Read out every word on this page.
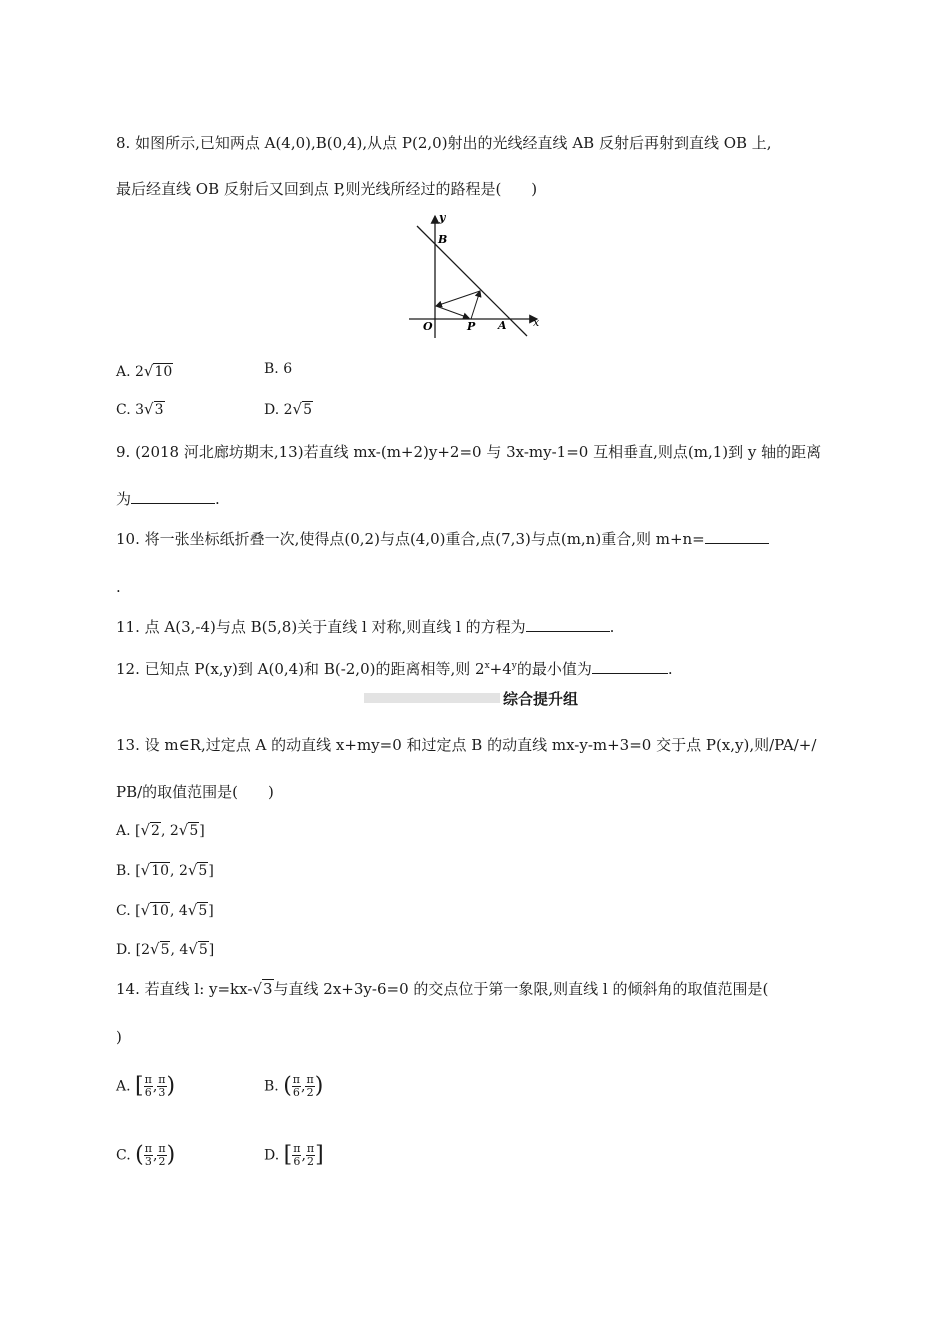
8. 如图所示,已知两点 A(4,0),B(0,4),从点 P(2,0)射出的光线经直线 AB 反射后再射到直线 OB 上,
最后经直线 OB 反射后又回到点 P,则光线所经过的路程是(　　)
y
B
O	P A x
A. 2√10	B. 6
C. 3√3	D. 2√5
9. (2018 河北廊坊期末,13)若直线 mx-(m+2)y+2=0 与 3x-my-1=0 互相垂直,则点(m,1)到 y 轴的距离
为	.
10. 将一张坐标纸折叠一次,使得点(0,2)与点(4,0)重合,点(7,3)与点(m,n)重合,则 m+n=
.
11. 点 A(3,-4)与点 B(5,8)关于直线 l 对称,则直线 l 的方程为	.
12. 已知点 P(x,y)到 A(0,4)和 B(-2,0)的距离相等,则 $2^x+4^y$的最小值为	.
综合提升组
13. 设 m∈R,过定点 A 的动直线 x+my=0 和过定点 B 的动直线 mx-y-m+3=0 交于点 P(x,y),则/PA/+/
PB/的取值范围是(　　)
A. [√2, 2√5]
B. [√10, 2√5]
C. [√10, 4√5]
D. [2√5, 4√5]
14. 若直线 l: y=kx-√3与直线 2x+3y-6=0 的交点位于第一象限,则直线 l 的倾斜角的取值范围是(
)
A. [ $\frac{\pi}{6}$ , $\frac{\pi}{3}$ )	B. ( $\frac{\pi}{6}$ , $\frac{\pi}{2}$ )
C. ( $\frac{\pi}{3}$ , $\frac{\pi}{2}$ )	D. [ $\frac{\pi}{6}$ , $\frac{\pi}{2}$ ]
